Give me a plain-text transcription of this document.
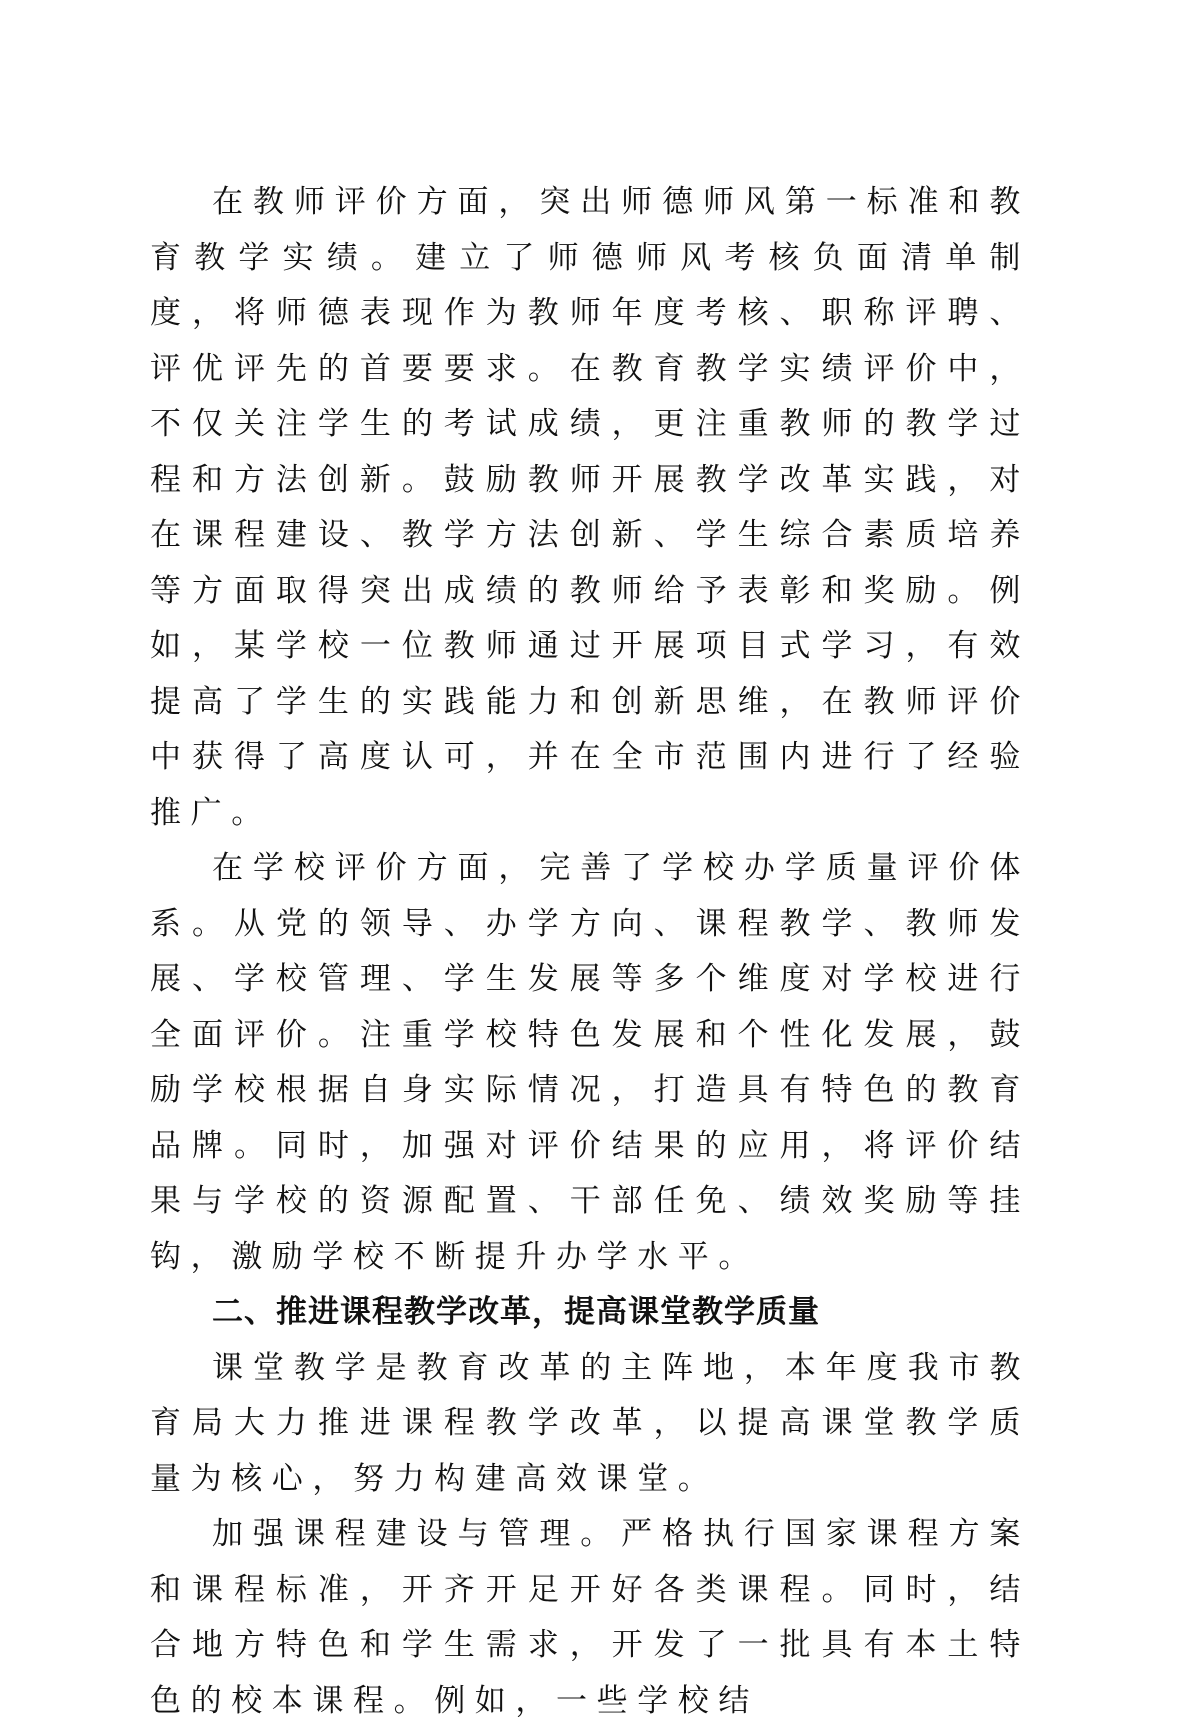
在教师评价方面，突出师德师风第一标准和教育教学实绩。建立了师德师风考核负面清单制度，将师德表现作为教师年度考核、职称评聘、评优评先的首要要求。在教育教学实绩评价中，不仅关注学生的考试成绩，更注重教师的教学过程和方法创新。鼓励教师开展教学改革实践，对在课程建设、教学方法创新、学生综合素质培养等方面取得突出成绩的教师给予表彰和奖励。例如，某学校一位教师通过开展项目式学习，有效提高了学生的实践能力和创新思维，在教师评价中获得了高度认可，并在全市范围内进行了经验推广。

在学校评价方面，完善了学校办学质量评价体系。从党的领导、办学方向、课程教学、教师发展、学校管理、学生发展等多个维度对学校进行全面评价。注重学校特色发展和个性化发展，鼓励学校根据自身实际情况，打造具有特色的教育品牌。同时，加强对评价结果的应用，将评价结果与学校的资源配置、干部任免、绩效奖励等挂钩，激励学校不断提升办学水平。

二、推进课程教学改革，提高课堂教学质量

课堂教学是教育改革的主阵地，本年度我市教育局大力推进课程教学改革，以提高课堂教学质量为核心，努力构建高效课堂。

加强课程建设与管理。严格执行国家课程方案和课程标准，开齐开足开好各类课程。同时，结合地方特色和学生需求，开发了一批具有本土特色的校本课程。例如，一些学校结
